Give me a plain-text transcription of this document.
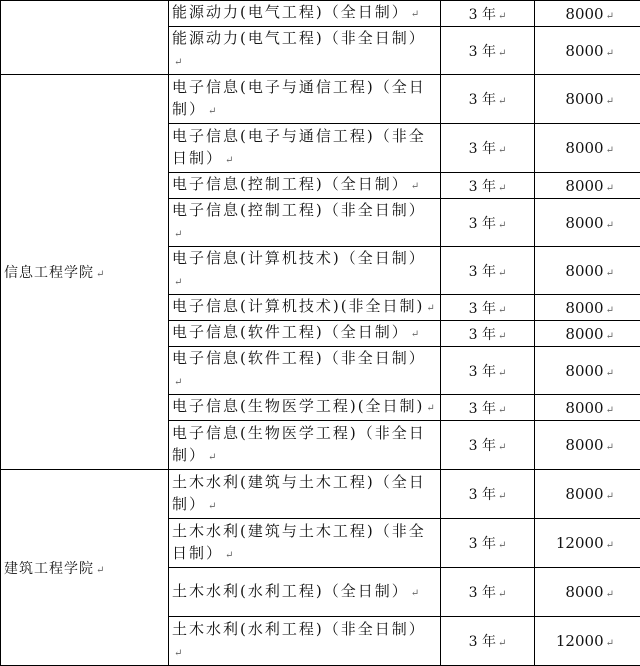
	能源动力(电气工程)（全日制） ↵	3 年 ↵	8000 ↵
	能源动力(电气工程)（非全日制）↵	3 年 ↵	8000 ↵
信息工程学院 ↵	电子信息(电子与通信工程)（全日制） ↵	3 年 ↵	8000 ↵
	电子信息(电子与通信工程)（非全日制） ↵	3 年 ↵	8000 ↵
	电子信息(控制工程)（全日制） ↵	3 年 ↵	8000 ↵
	电子信息(控制工程)（非全日制）↵	3 年 ↵	8000 ↵
	电子信息(计算机技术)（全日制）↵	3 年 ↵	8000 ↵
	电子信息(计算机技术)(非全日制) ↵	3 年 ↵	8000 ↵
	电子信息(软件工程)（全日制） ↵	3 年 ↵	8000 ↵
	电子信息(软件工程)（非全日制）↵	3 年 ↵	8000 ↵
	电子信息(生物医学工程)(全日制) ↵	3 年 ↵	8000 ↵
	电子信息(生物医学工程)（非全日制） ↵	3 年 ↵	8000 ↵
建筑工程学院 ↵	土木水利(建筑与土木工程)（全日制） ↵	3 年 ↵	8000 ↵
	土木水利(建筑与土木工程)（非全日制） ↵	3 年 ↵	12000 ↵
	土木水利(水利工程)（全日制） ↵	3 年 ↵	8000 ↵
	土木水利(水利工程)（非全日制）↵	3 年 ↵	12000 ↵
